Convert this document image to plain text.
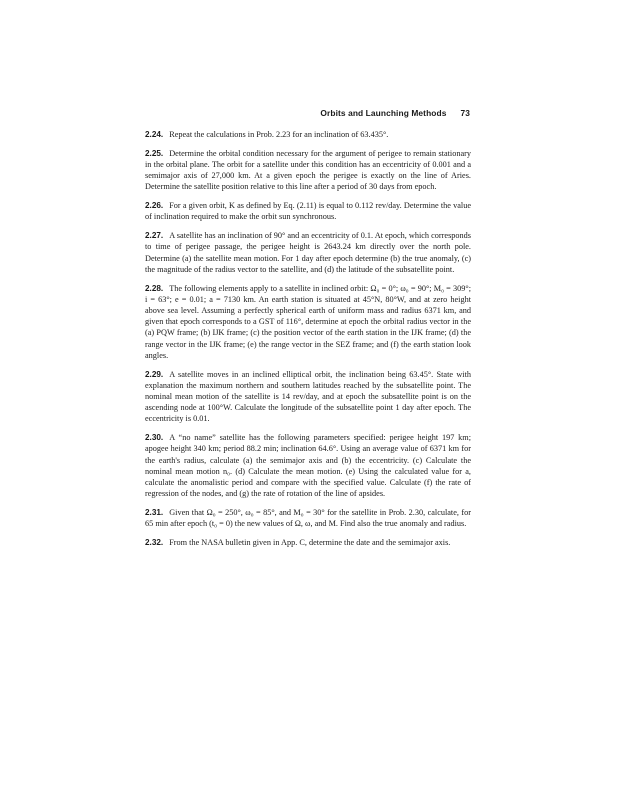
Orbits and Launching Methods 73

2.24. Repeat the calculations in Prob. 2.23 for an inclination of 63.435°.

2.25. Determine the orbital condition necessary for the argument of perigee to remain stationary in the orbital plane. The orbit for a satellite under this condition has an eccentricity of 0.001 and a semimajor axis of 27,000 km. At a given epoch the perigee is exactly on the line of Aries. Determine the satellite position relative to this line after a period of 30 days from epoch.

2.26. For a given orbit, K as defined by Eq. (2.11) is equal to 0.112 rev/day. Determine the value of inclination required to make the orbit sun synchronous.

2.27. A satellite has an inclination of 90° and an eccentricity of 0.1. At epoch, which corresponds to time of perigee passage, the perigee height is 2643.24 km directly over the north pole. Determine (a) the satellite mean motion. For 1 day after epoch determine (b) the true anomaly, (c) the magnitude of the radius vector to the satellite, and (d) the latitude of the subsatellite point.

2.28. The following elements apply to a satellite in inclined orbit: Ω₀ = 0°; ω₀ = 90°; M₀ = 309°; i = 63°; e = 0.01; a = 7130 km. An earth station is situated at 45°N, 80°W, and at zero height above sea level. Assuming a perfectly spherical earth of uniform mass and radius 6371 km, and given that epoch corresponds to a GST of 116°, determine at epoch the orbital radius vector in the (a) PQW frame; (b) IJK frame; (c) the position vector of the earth station in the IJK frame; (d) the range vector in the IJK frame; (e) the range vector in the SEZ frame; and (f) the earth station look angles.

2.29. A satellite moves in an inclined elliptical orbit, the inclination being 63.45°. State with explanation the maximum northern and southern latitudes reached by the subsatellite point. The nominal mean motion of the satellite is 14 rev/day, and at epoch the subsatellite point is on the ascending node at 100°W. Calculate the longitude of the subsatellite point 1 day after epoch. The eccentricity is 0.01.

2.30. A “no name” satellite has the following parameters specified: perigee height 197 km; apogee height 340 km; period 88.2 min; inclination 64.6°. Using an average value of 6371 km for the earth's radius, calculate (a) the semimajor axis and (b) the eccentricity. (c) Calculate the nominal mean motion n₀. (d) Calculate the mean motion. (e) Using the calculated value for a, calculate the anomalistic period and compare with the specified value. Calculate (f) the rate of regression of the nodes, and (g) the rate of rotation of the line of apsides.

2.31. Given that Ω₀ = 250°, ω₀ = 85°, and M₀ = 30° for the satellite in Prob. 2.30, calculate, for 65 min after epoch (t₀ = 0) the new values of Ω, ω, and M. Find also the true anomaly and radius.

2.32. From the NASA bulletin given in App. C, determine the date and the semimajor axis.
